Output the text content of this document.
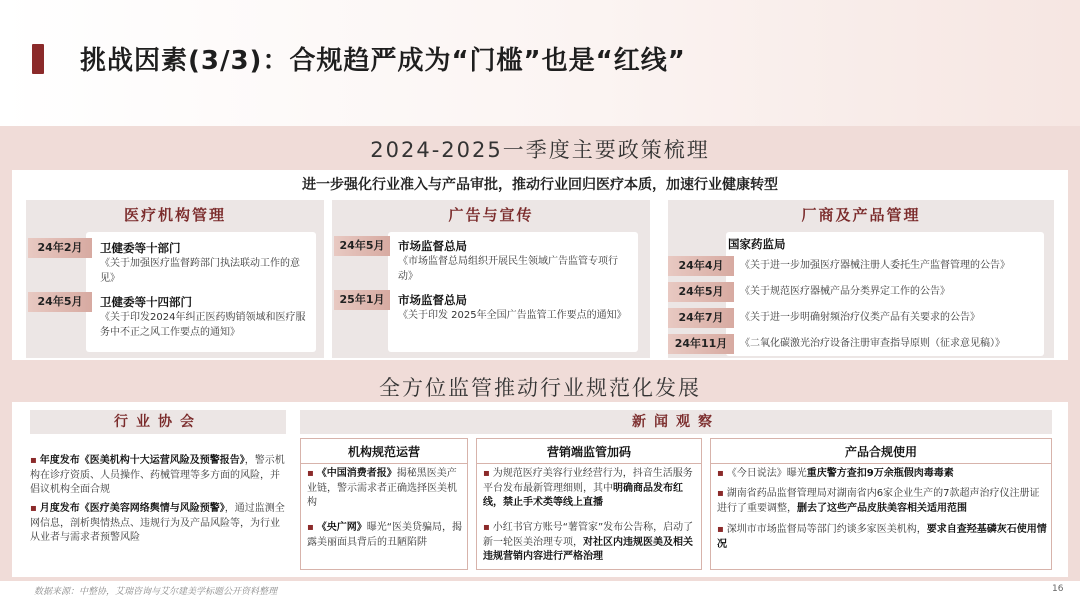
挑战因素(3/3)：合规趋严成为“门槛”也是“红线”
2024-2025一季度主要政策梳理
进一步强化行业准入与产品审批，推动行业回归医疗本质，加速行业健康转型
医疗机构管理
24年2月	卫健委等十部门
《关于加强医疗监督跨部门执法联动工作的意见》
24年5月	卫健委等十四部门
《关于印发2024年纠正医药购销领域和医疗服务中不正之风工作要点的通知》
广告与宣传
24年5月	市场监督总局
《市场监督总局组织开展民生领域广告监管专项行动》
25年1月	市场监督总局
《关于印发 2025年全国广告监管工作要点的通知》
厂商及产品管理
国家药监局
24年4月	《关于进一步加强医疗器械注册人委托生产监督管理的公告》
24年5月	《关于规范医疗器械产品分类界定工作的公告》
24年7月	《关于进一步明确射频治疗仪类产品有关要求的公告》
24年11月	《二氧化碳激光治疗设备注册审查指导原则（征求意见稿）》
全方位监管推动行业规范化发展
行业协会	新闻观察
▪ 年度发布《医美机构十大运营风险及预警报告》，警示机构在诊疗资质、人员操作、药械管理等多方面的风险，并倡议机构全面合规
▪ 月度发布《医疗美容网络舆情与风险预警》，通过监测全网信息，剖析舆情热点、违规行为及产品风险等，为行业从业者与需求者预警风险
机构规范运营
▪ 《中国消费者报》揭秘黑医美产业链，警示需求者正确选择医美机构
▪ 《央广网》曝光“医美贷骗局，揭露美丽面具背后的丑陋陷阱
营销端监管加码
▪ 为规范医疗美容行业经营行为，抖音生活服务平台发布最新管理细则，其中明确商品发布红线，禁止手术类等线上直播
▪ 小红书官方账号“薯管家”发布公告称，启动了新一轮医美治理专项，对社区内违规医美及相关违规营销内容进行严格治理
产品合规使用
▪ 《今日说法》曝光重庆警方查扣9万余瓶假肉毒毒素
▪ 湖南省药品监督管理局对湖南省内6家企业生产的7款超声治疗仪注册证进行了重要调整，删去了这些产品皮肤美容相关适用范围
▪ 深圳市市场监督局等部门约谈多家医美机构，要求自查羟基磷灰石使用情况
数据来源：中整协，艾瑞咨询与艾尔建美学标题公开资料整理	16
